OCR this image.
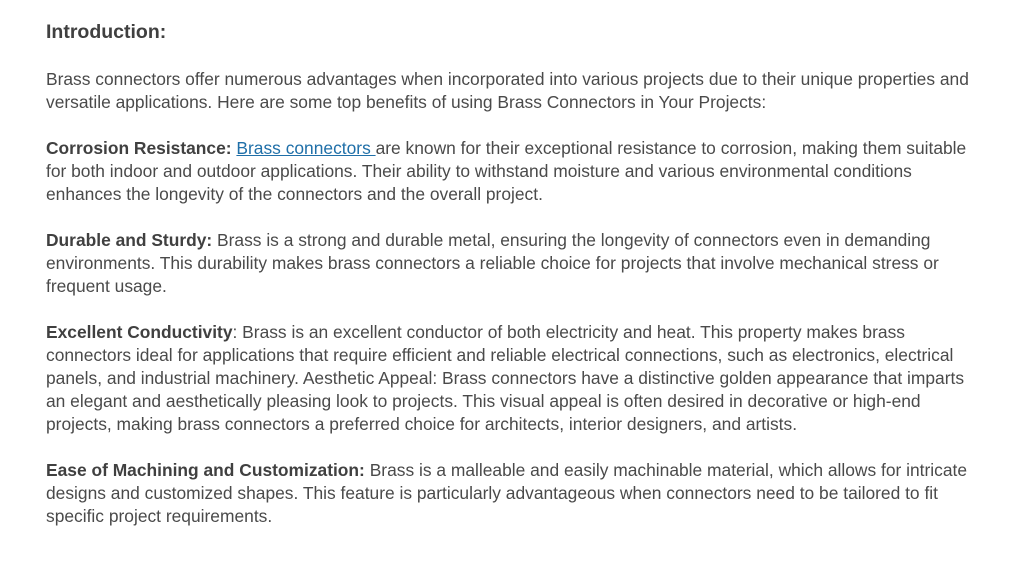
Introduction:

Brass connectors offer numerous advantages when incorporated into various projects due to their unique properties and versatile applications. Here are some top benefits of using Brass Connectors in Your Projects:

Corrosion Resistance: Brass connectors are known for their exceptional resistance to corrosion, making them suitable for both indoor and outdoor applications. Their ability to withstand moisture and various environmental conditions enhances the longevity of the connectors and the overall project.

Durable and Sturdy: Brass is a strong and durable metal, ensuring the longevity of connectors even in demanding environments. This durability makes brass connectors a reliable choice for projects that involve mechanical stress or frequent usage.

Excellent Conductivity: Brass is an excellent conductor of both electricity and heat. This property makes brass connectors ideal for applications that require efficient and reliable electrical connections, such as electronics, electrical panels, and industrial machinery. Aesthetic Appeal: Brass connectors have a distinctive golden appearance that imparts an elegant and aesthetically pleasing look to projects. This visual appeal is often desired in decorative or high-end projects, making brass connectors a preferred choice for architects, interior designers, and artists.

Ease of Machining and Customization: Brass is a malleable and easily machinable material, which allows for intricate designs and customized shapes. This feature is particularly advantageous when connectors need to be tailored to fit specific project requirements.
